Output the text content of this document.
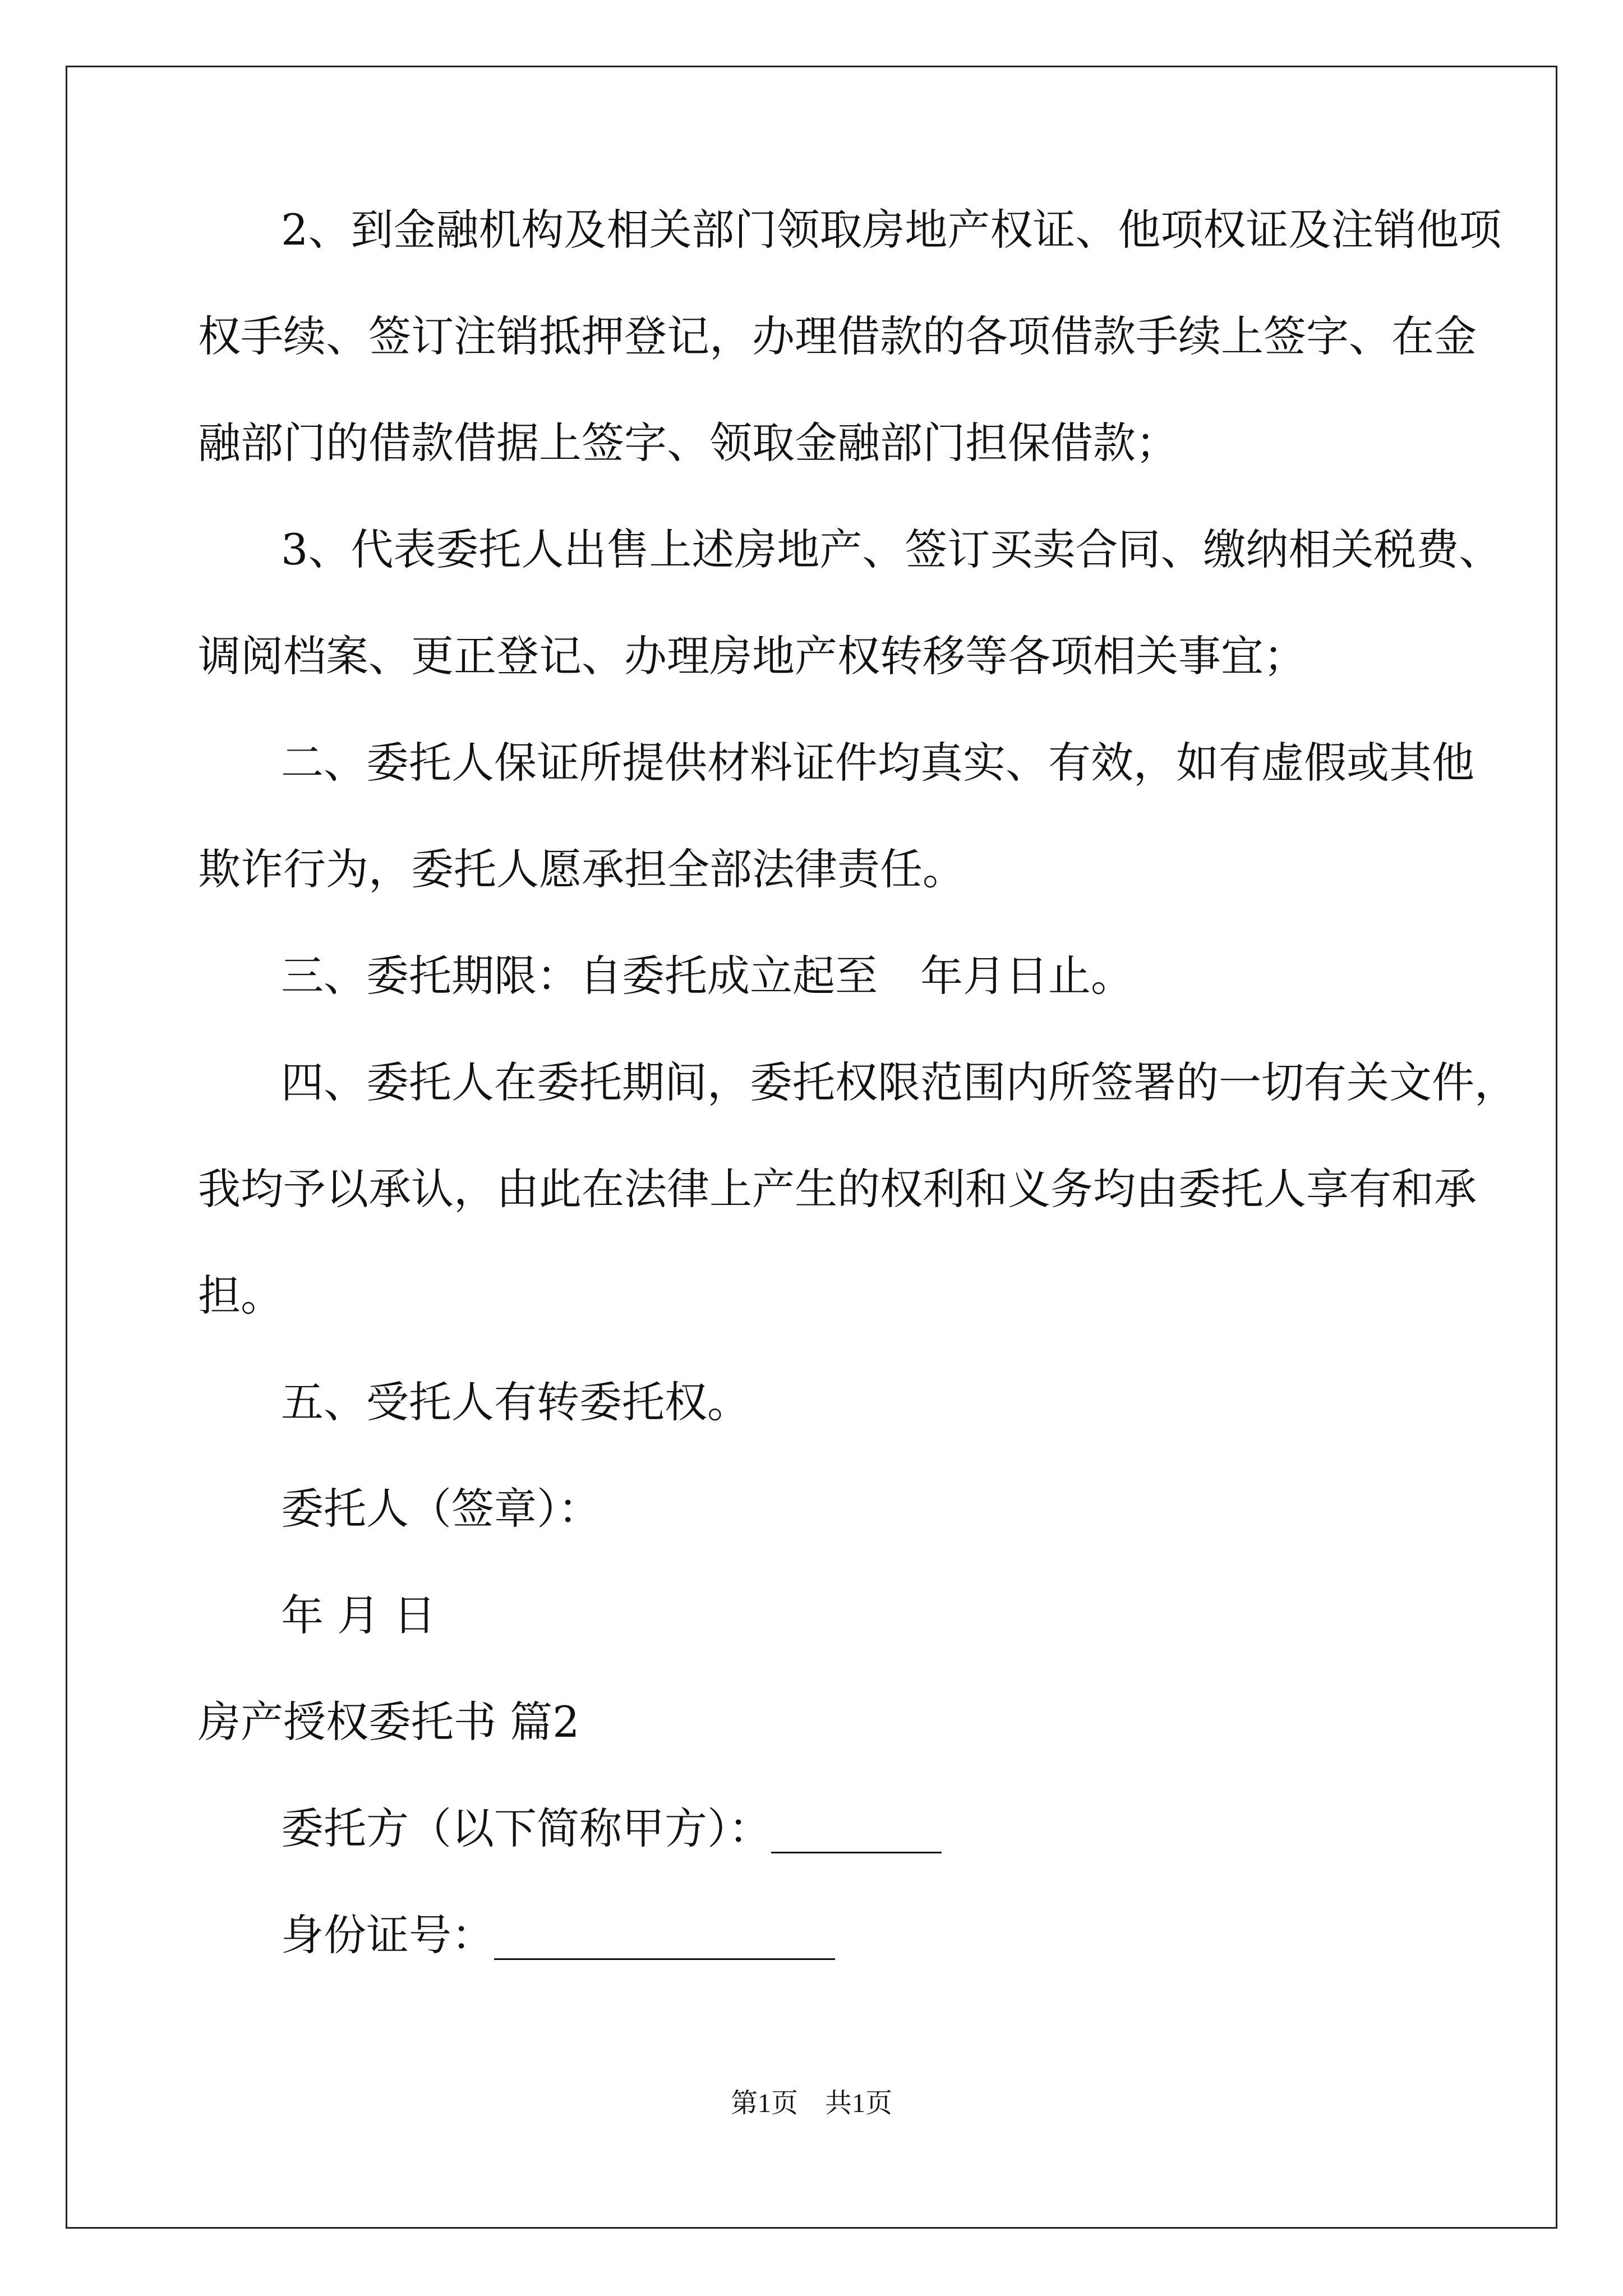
2、到金融机构及相关部门领取房地产权证、他项权证及注销他项
权手续、签订注销抵押登记，办理借款的各项借款手续上签字、在金
融部门的借款借据上签字、领取金融部门担保借款；
3、代表委托人出售上述房地产、签订买卖合同、缴纳相关税费、
调阅档案、更正登记、办理房地产权转移等各项相关事宜；
二、委托人保证所提供材料证件均真实、有效，如有虚假或其他
欺诈行为，委托人愿承担全部法律责任。
三、委托期限：自委托成立起至　年月日止。
四、委托人在委托期间，委托权限范围内所签署的一切有关文件，
我均予以承认，由此在法律上产生的权利和义务均由委托人享有和承
担。
五、受托人有转委托权。
委托人（签章）：
年 月 日
房产授权委托书 篇2
委托方（以下简称甲方）：________
身份证号：________________
第1页 共1页
